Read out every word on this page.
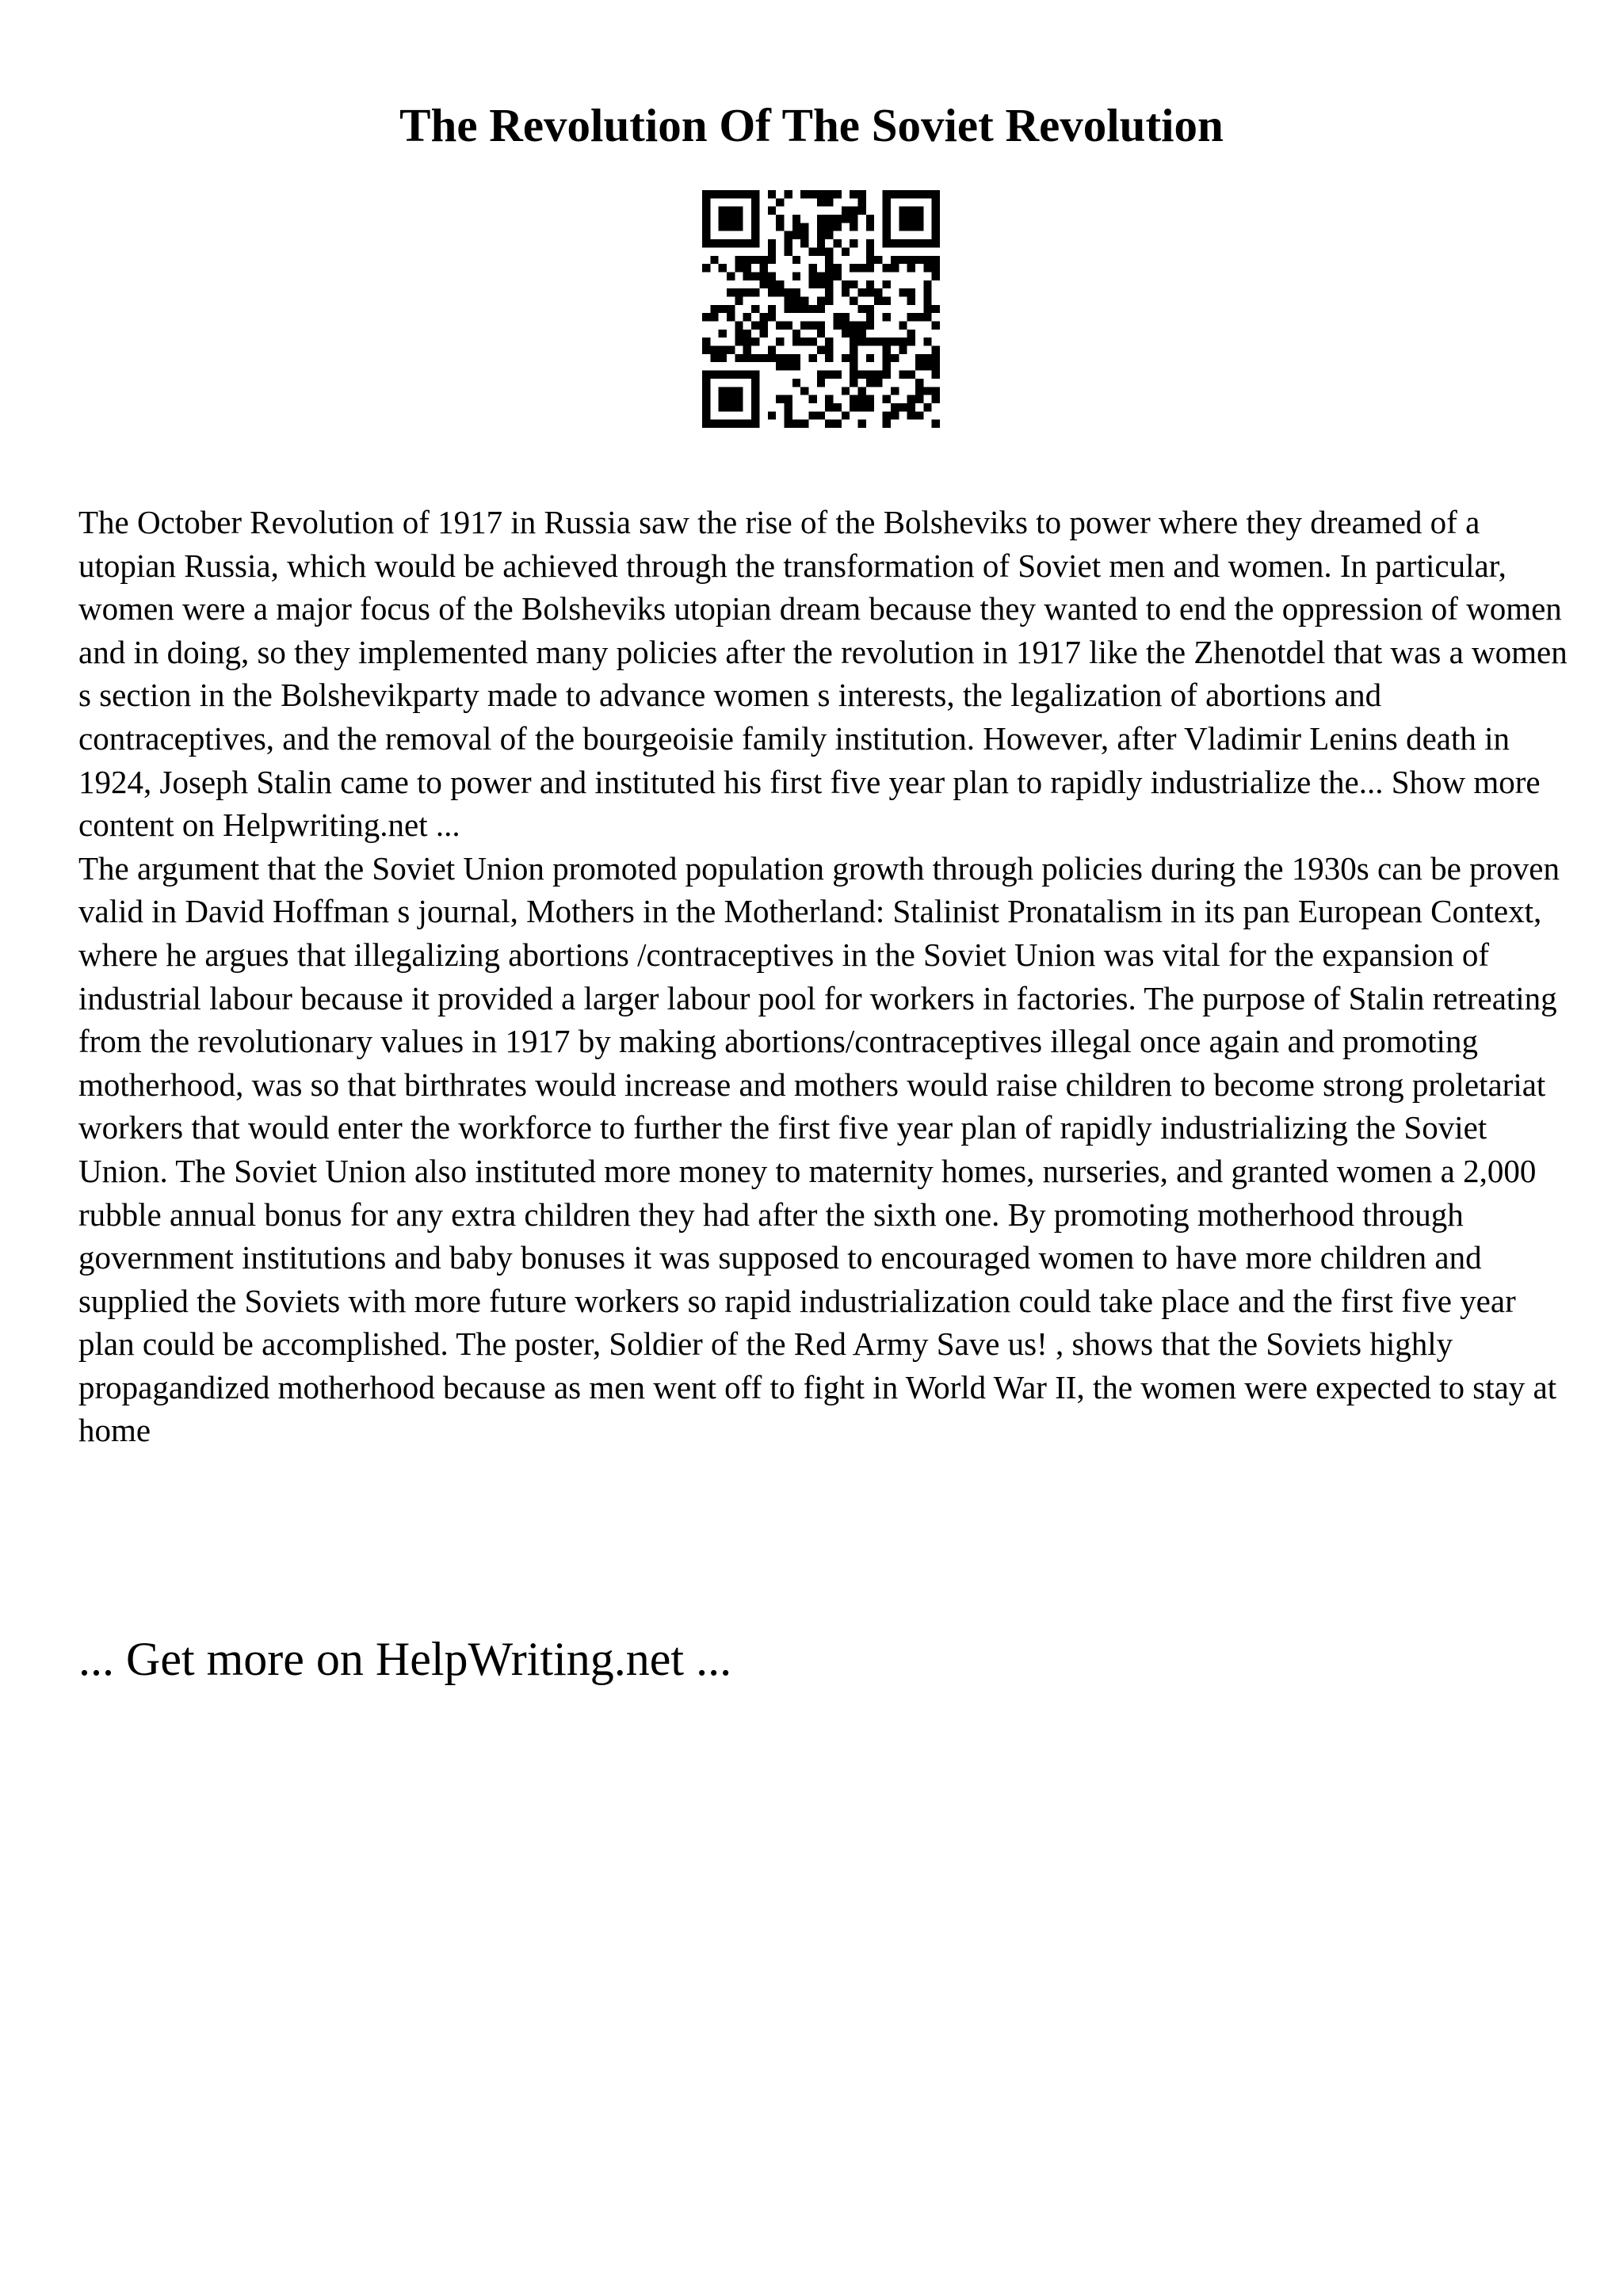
The Revolution Of The Soviet Revolution

The October Revolution of 1917 in Russia saw the rise of the Bolsheviks to power where they dreamed of a utopian Russia, which would be achieved through the transformation of Soviet men and women. In particular, women were a major focus of the Bolsheviks utopian dream because they wanted to end the oppression of women and in doing, so they implemented many policies after the revolution in 1917 like the Zhenotdel that was a women s section in the Bolshevikparty made to advance women s interests, the legalization of abortions and contraceptives, and the removal of the bourgeoisie family institution. However, after Vladimir Lenins death in 1924, Joseph Stalin came to power and instituted his first five year plan to rapidly industrialize the... Show more content on Helpwriting.net ...

The argument that the Soviet Union promoted population growth through policies during the 1930s can be proven valid in David Hoffman s journal, Mothers in the Motherland: Stalinist Pronatalism in its pan European Context, where he argues that illegalizing abortions /contraceptives in the Soviet Union was vital for the expansion of industrial labour because it provided a larger labour pool for workers in factories. The purpose of Stalin retreating from the revolutionary values in 1917 by making abortions/contraceptives illegal once again and promoting motherhood, was so that birthrates would increase and mothers would raise children to become strong proletariat workers that would enter the workforce to further the first five year plan of rapidly industrializing the Soviet Union. The Soviet Union also instituted more money to maternity homes, nurseries, and granted women a 2,000 rubble annual bonus for any extra children they had after the sixth one. By promoting motherhood through government institutions and baby bonuses it was supposed to encouraged women to have more children and supplied the Soviets with more future workers so rapid industrialization could take place and the first five year plan could be accomplished. The poster, Soldier of the Red Army Save us! , shows that the Soviets highly propagandized motherhood because as men went off to fight in World War II, the women were expected to stay at home

... Get more on HelpWriting.net ...
